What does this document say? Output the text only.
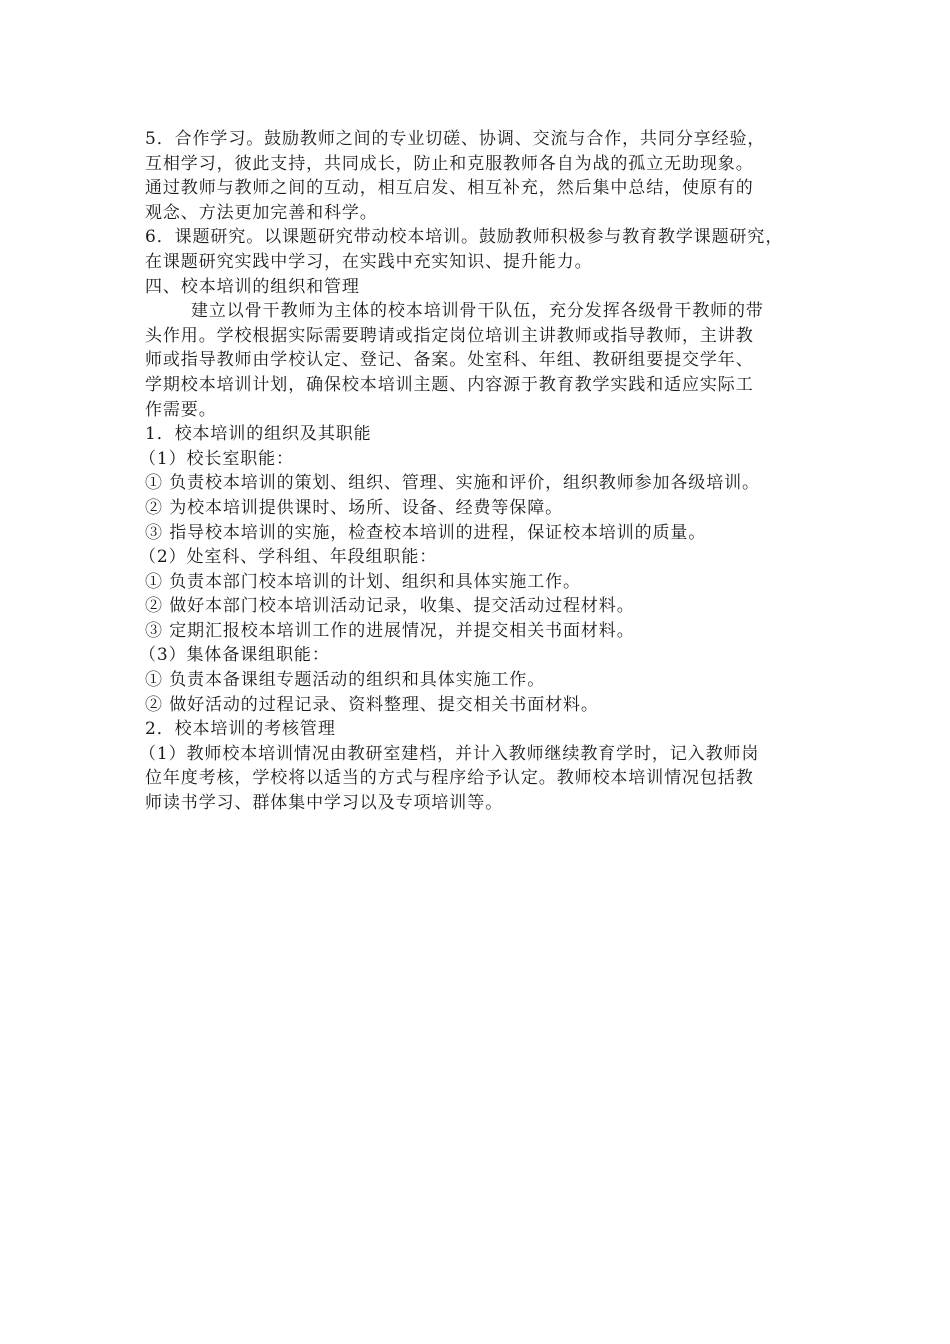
5．合作学习。鼓励教师之间的专业切磋、协调、交流与合作，共同分享经验，
互相学习，彼此支持，共同成长，防止和克服教师各自为战的孤立无助现象。
通过教师与教师之间的互动，相互启发、相互补充，然后集中总结，使原有的
观念、方法更加完善和科学。
6．课题研究。以课题研究带动校本培训。鼓励教师积极参与教育教学课题研究，
在课题研究实践中学习，在实践中充实知识、提升能力。
四、校本培训的组织和管理
建立以骨干教师为主体的校本培训骨干队伍，充分发挥各级骨干教师的带
头作用。学校根据实际需要聘请或指定岗位培训主讲教师或指导教师，主讲教
师或指导教师由学校认定、登记、备案。处室科、年组、教研组要提交学年、
学期校本培训计划，确保校本培训主题、内容源于教育教学实践和适应实际工
作需要。
1．校本培训的组织及其职能
（1）校长室职能：
① 负责校本培训的策划、组织、管理、实施和评价，组织教师参加各级培训。
② 为校本培训提供课时、场所、设备、经费等保障。
③ 指导校本培训的实施，检查校本培训的进程，保证校本培训的质量。
（2）处室科、学科组、年段组职能：
① 负责本部门校本培训的计划、组织和具体实施工作。
② 做好本部门校本培训活动记录，收集、提交活动过程材料。
③ 定期汇报校本培训工作的进展情况，并提交相关书面材料。
（3）集体备课组职能：
① 负责本备课组专题活动的组织和具体实施工作。
② 做好活动的过程记录、资料整理、提交相关书面材料。
2．校本培训的考核管理
（1）教师校本培训情况由教研室建档，并计入教师继续教育学时，记入教师岗
位年度考核，学校将以适当的方式与程序给予认定。教师校本培训情况包括教
师读书学习、群体集中学习以及专项培训等。
